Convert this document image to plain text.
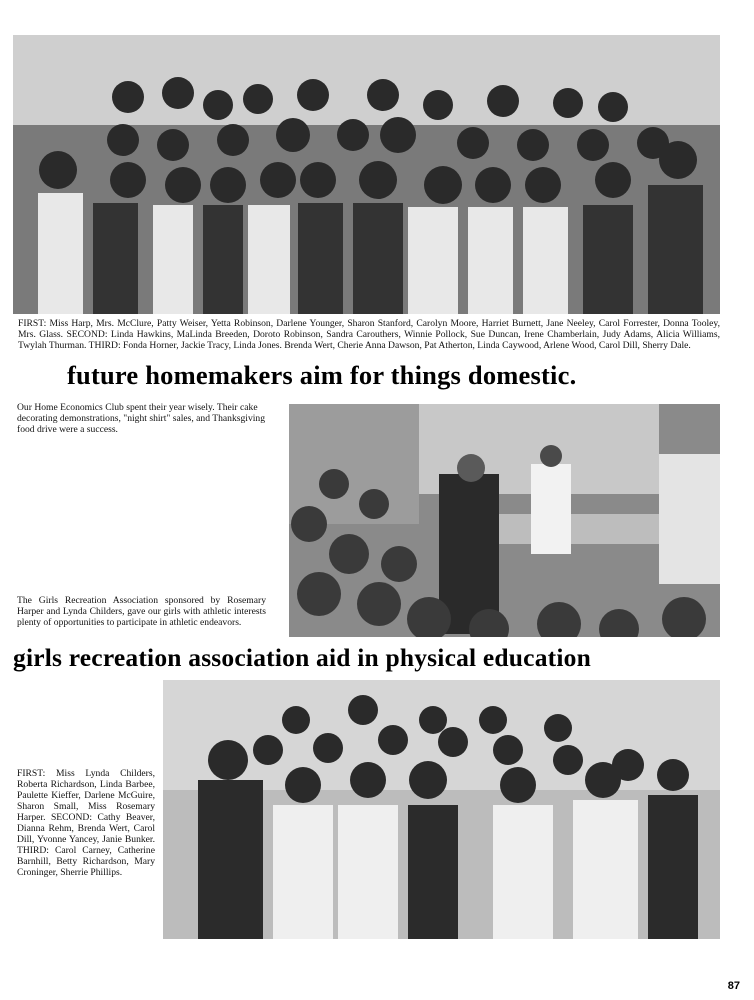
FIRST: Miss Harp, Mrs. McClure, Patty Weiser, Yetta Robinson, Darlene Younger, Sharon Stanford, Carolyn Moore, Harriet Burnett, Jane Neeley, Carol Forrester, Donna Tooley, Mrs. Glass. SECOND: Linda Hawkins, MaLinda Breeden, Doroto Robinson, Sandra Carouthers, Winnie Pollock, Sue Duncan, Irene Chamberlain, Judy Adams, Alicia Williams, Twylah Thurman. THIRD: Fonda Horner, Jackie Tracy, Linda Jones. Brenda Wert, Cherie Anna Dawson, Pat Atherton, Linda Caywood, Arlene Wood, Carol Dill, Sherry Dale.

future homemakers aim for things domestic.

Our Home Economics Club spent their year wisely. Their cake decorating demonstrations, "night shirt" sales, and Thanksgiving food drive were a success.

The Girls Recreation Association sponsored by Rosemary Harper and Lynda Childers, gave our girls with athletic interests plenty of opportunities to participate in athletic endeavors.

girls recreation association aid in physical education

FIRST: Miss Lynda Childers, Roberta Richardson, Linda Barbee, Paulette Kieffer, Darlene McGuire, Sharon Small, Miss Rosemary Harper. SECOND: Cathy Beaver, Dianna Rehm, Brenda Wert, Carol Dill, Yvonne Yancey, Janie Bunker. THIRD: Carol Carney, Catherine Barnhill, Betty Richardson, Mary Croninger, Sherrie Phillips.

87
